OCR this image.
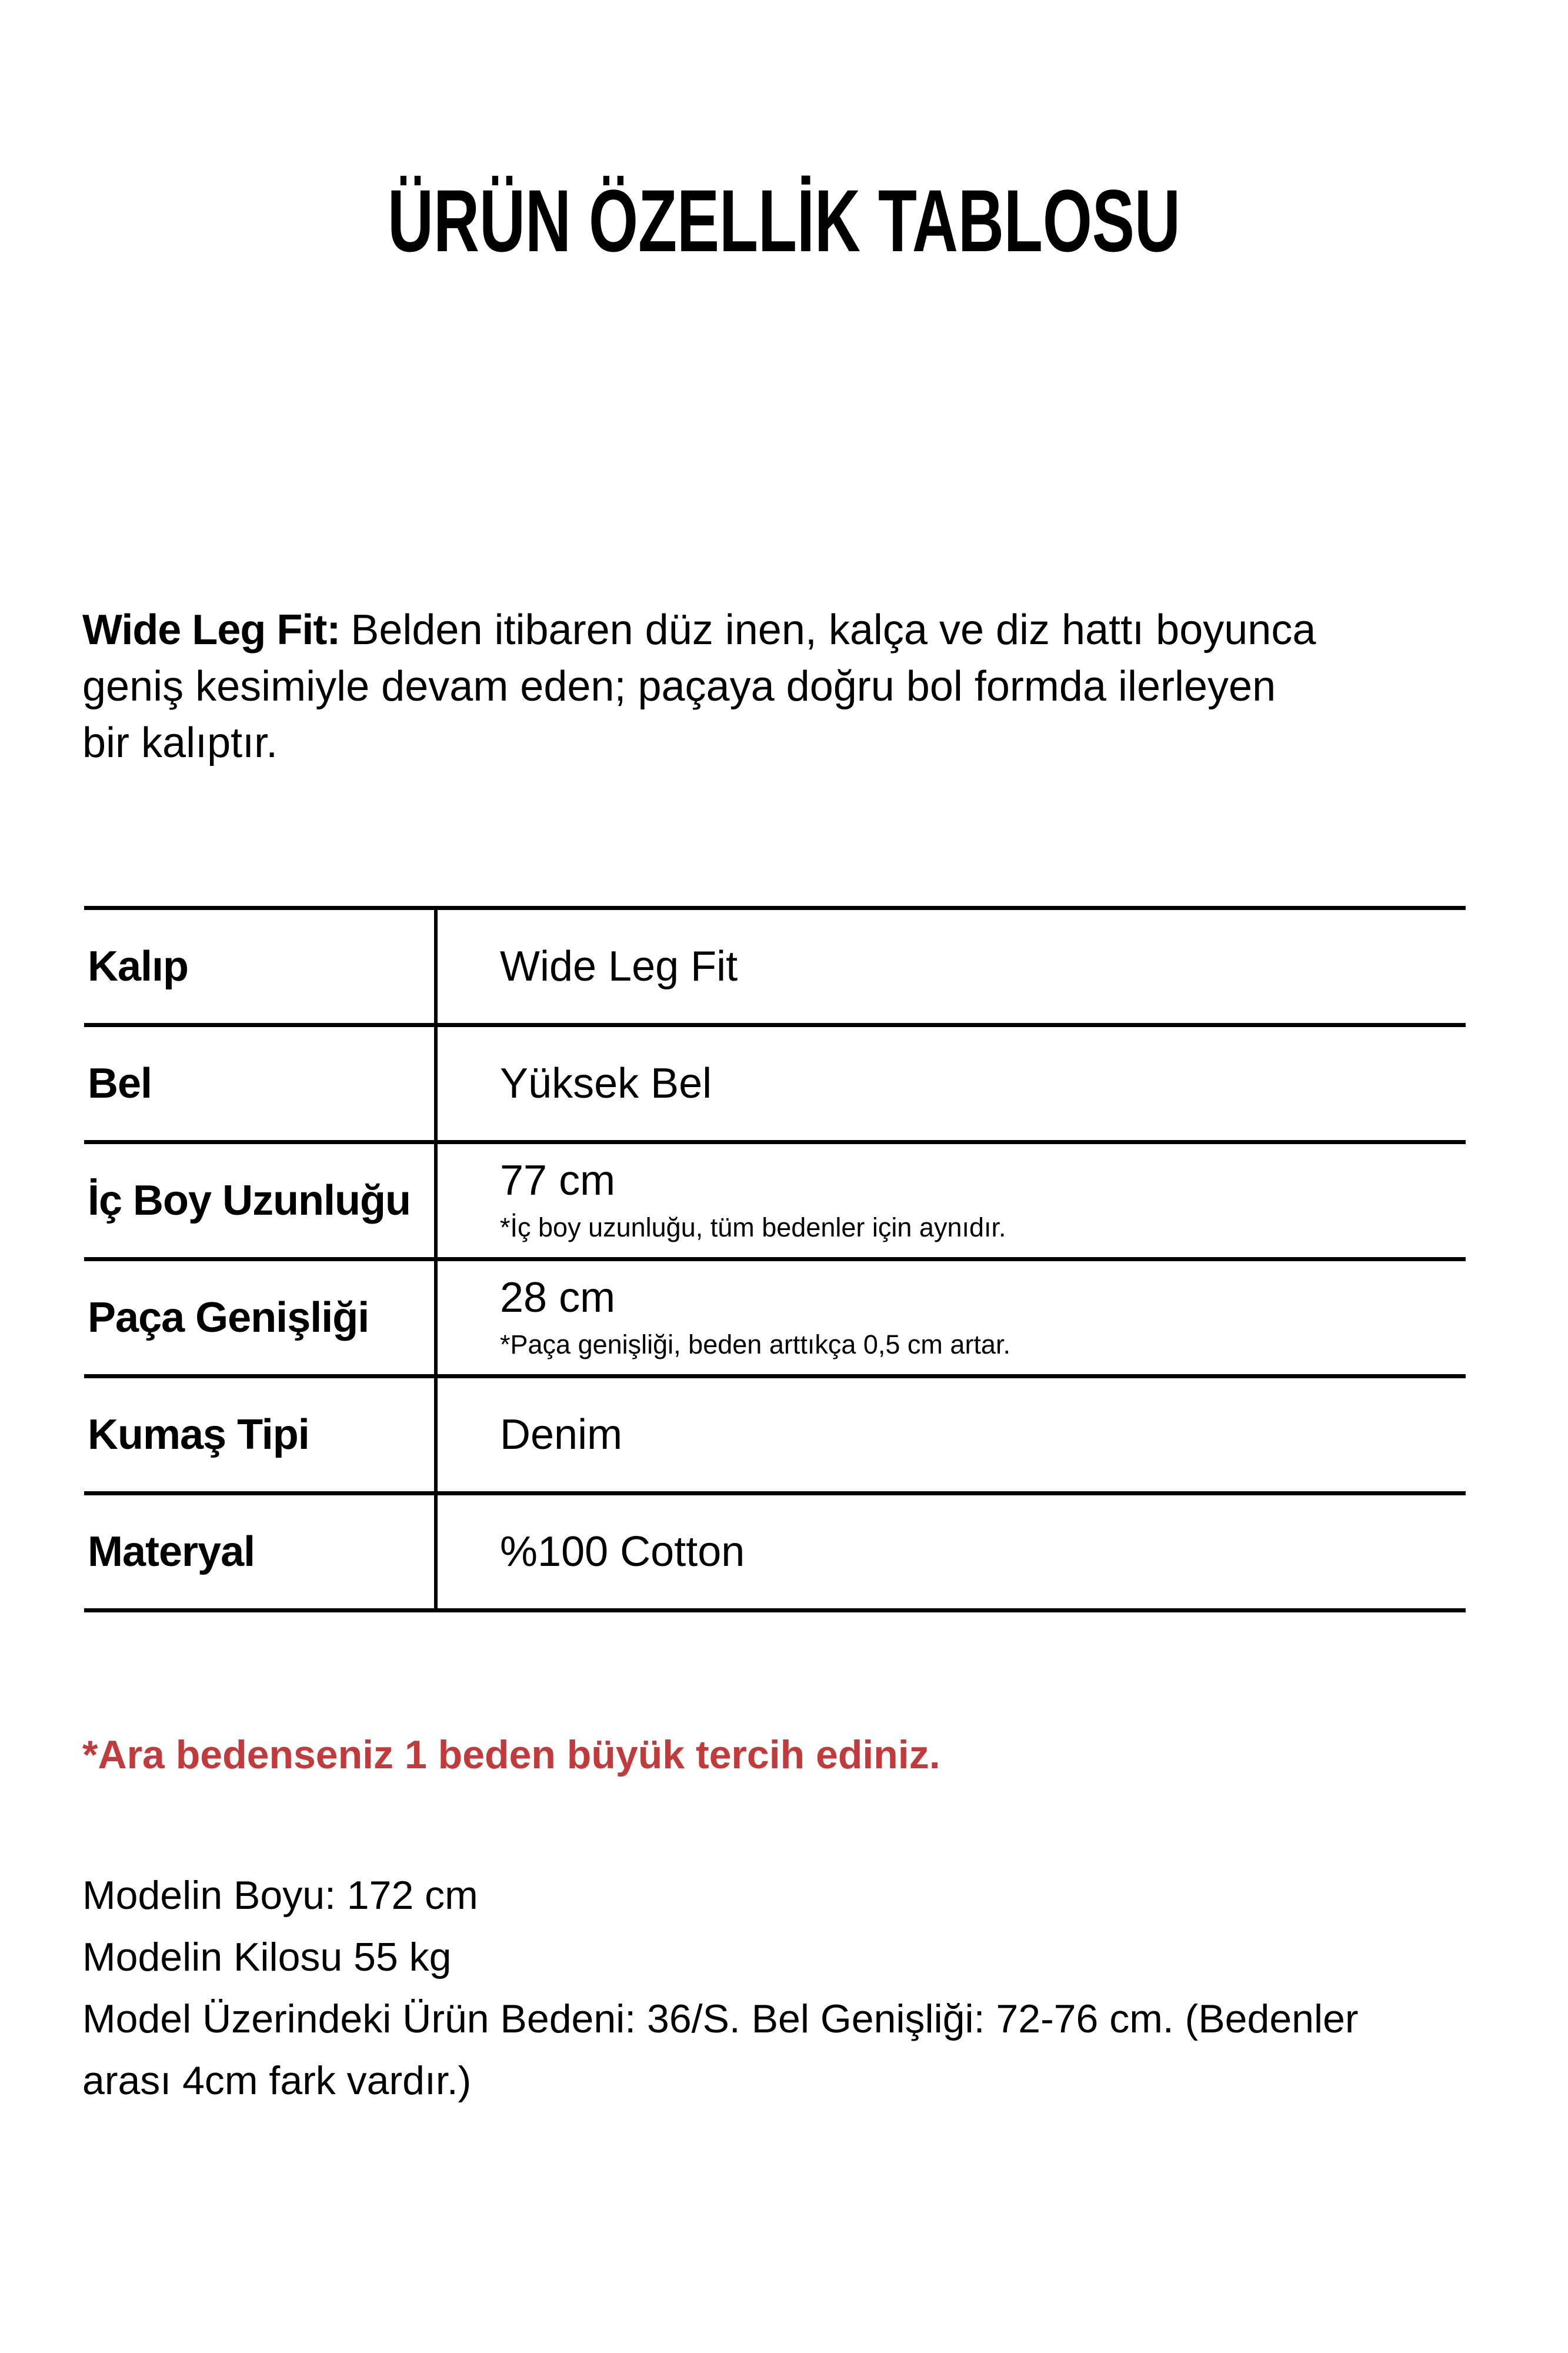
ÜRÜN ÖZELLİK TABLOSU
Wide Leg Fit: Belden itibaren düz inen, kalça ve diz hattı boyunca
geniş kesimiyle devam eden; paçaya doğru bol formda ilerleyen
bir kalıptır.
Kalıp	Wide Leg Fit
Bel	Yüksek Bel
İç Boy Uzunluğu	77 cm
*İç boy uzunluğu, tüm bedenler için aynıdır.
Paça Genişliği	28 cm
*Paça genişliği, beden arttıkça 0,5 cm artar.
Kumaş Tipi	Denim
Materyal	%100 Cotton
*Ara bedenseniz 1 beden büyük tercih ediniz.
Modelin Boyu: 172 cm
Modelin Kilosu 55 kg
Model Üzerindeki Ürün Bedeni: 36/S. Bel Genişliği: 72-76 cm. (Bedenler
arası 4cm fark vardır.)
